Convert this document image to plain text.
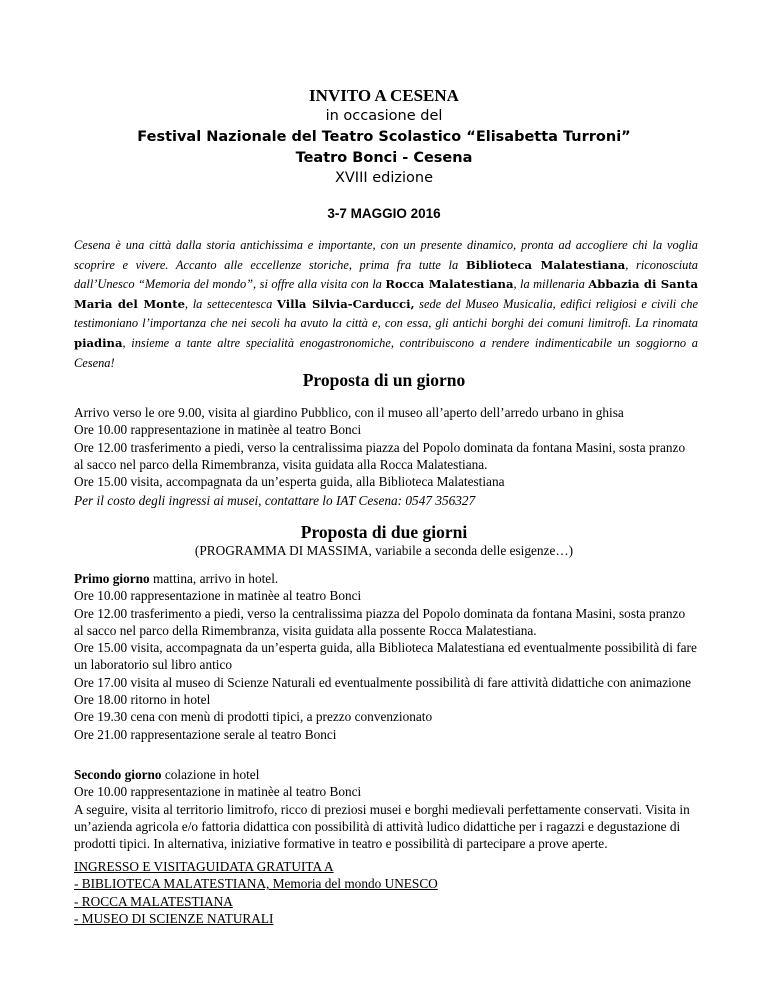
INVITO A CESENA
in occasione del
Festival Nazionale del Teatro Scolastico “Elisabetta Turroni”
Teatro Bonci - Cesena
XVIII edizione
3-7 MAGGIO 2016
Cesena è una città dalla storia antichissima e importante, con un presente dinamico, pronta ad accogliere chi la voglia scoprire e vivere. Accanto alle eccellenze storiche, prima fra tutte la Biblioteca Malatestiana, riconosciuta dall’Unesco “Memoria del mondo”, si offre alla visita con la Rocca Malatestiana, la millenaria Abbazia di Santa Maria del Monte, la settecentesca Villa Silvia-Carducci, sede del Museo Musicalia, edifici religiosi e civili che testimoniano l’importanza che nei secoli ha avuto la città e, con essa, gli antichi borghi dei comuni limitrofi. La rinomata piadina, insieme a tante altre specialità enogastronomiche, contribuiscono a rendere indimenticabile un soggiorno a Cesena!
Proposta di un giorno
Arrivo verso le ore 9.00, visita al giardino Pubblico, con il museo all’aperto dell’arredo urbano in ghisa
Ore 10.00 rappresentazione in matinèe al teatro Bonci
Ore 12.00 trasferimento a piedi, verso la centralissima piazza del Popolo dominata da fontana Masini, sosta pranzo al sacco nel parco della Rimembranza, visita guidata alla Rocca Malatestiana.
Ore 15.00 visita, accompagnata da un’esperta guida, alla Biblioteca Malatestiana
Per il costo degli ingressi ai musei, contattare lo IAT Cesena: 0547 356327
Proposta di due giorni
(PROGRAMMA DI MASSIMA, variabile a seconda delle esigenze…)
Primo giorno mattina, arrivo in hotel.
Ore 10.00 rappresentazione in matinèe al teatro Bonci
Ore 12.00 trasferimento a piedi, verso la centralissima piazza del Popolo dominata da fontana Masini, sosta pranzo al sacco nel parco della Rimembranza, visita guidata alla possente Rocca Malatestiana.
Ore 15.00 visita, accompagnata da un’esperta guida, alla Biblioteca Malatestiana ed eventualmente possibilità di fare un laboratorio sul libro antico
Ore 17.00 visita al museo di Scienze Naturali ed eventualmente possibilità di fare attività didattiche con animazione
Ore 18.00 ritorno in hotel
Ore 19.30 cena con menù di prodotti tipici, a prezzo convenzionato
Ore 21.00 rappresentazione serale al teatro Bonci
Secondo giorno colazione in hotel
Ore 10.00 rappresentazione in matinèe al teatro Bonci
A seguire, visita al territorio limitrofo, ricco di preziosi musei e borghi medievali perfettamente conservati. Visita in un’azienda agricola e/o fattoria didattica con possibilità di attività ludico didattiche per i ragazzi e degustazione di prodotti tipici. In alternativa, iniziative formative in teatro e possibilità di partecipare a prove aperte.
INGRESSO E VISITAGUIDATA GRATUITA A
- BIBLIOTECA MALATESTIANA, Memoria del mondo UNESCO
- ROCCA MALATESTIANA
- MUSEO DI SCIENZE NATURALI
